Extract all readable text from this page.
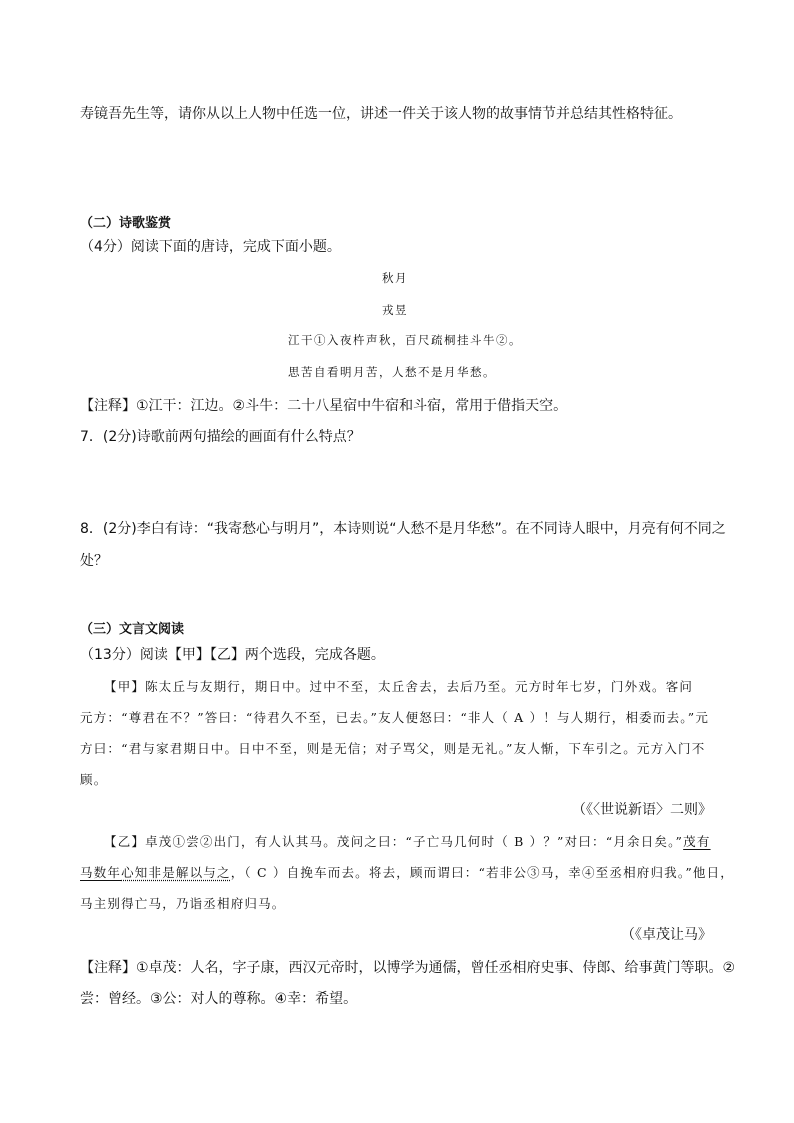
寿镜吾先生等，请你从以上人物中任选一位，讲述一件关于该人物的故事情节并总结其性格特征。
（二）诗歌鉴赏
（4分）阅读下面的唐诗，完成下面小题。
秋月
戎昱
江干①入夜杵声秋，百尺疏桐挂斗牛②。
思苦自看明月苦，人愁不是月华愁。
【注释】①江干：江边。②斗牛：二十八星宿中牛宿和斗宿，常用于借指天空。
7．(2分)诗歌前两句描绘的画面有什么特点？
8．(2分)李白有诗：“我寄愁心与明月”，本诗则说“人愁不是月华愁”。在不同诗人眼中，月亮有何不同之
处？
（三）文言文阅读
（13分）阅读【甲】【乙】两个选段，完成各题。
【甲】陈太丘与友期行，期日中。过中不至，太丘舍去，去后乃至。元方时年七岁，门外戏。客问
元方：“尊君在不？”答曰：“待君久不至，已去。”友人便怒曰：“非人（ A ）！与人期行，相委而去。”元
方曰：“君与家君期日中。日中不至，则是无信；对子骂父，则是无礼。”友人惭，下车引之。元方入门不
顾。
（《〈世说新语〉二则》
【乙】卓茂①尝②出门，有人认其马。茂问之曰：“子亡马几何时（ B ）？”对曰：“月余日矣。”茂有
马数年心知非是解以与之，（ C ）自挽车而去。将去，顾而谓曰：“若非公③马，幸④至丞相府归我。”他日，
马主别得亡马，乃诣丞相府归马。
（《卓茂让马》
【注释】①卓茂：人名，字子康，西汉元帝时，以博学为通儒，曾任丞相府史事、侍郎、给事黄门等职。②
尝：曾经。③公：对人的尊称。④幸：希望。
